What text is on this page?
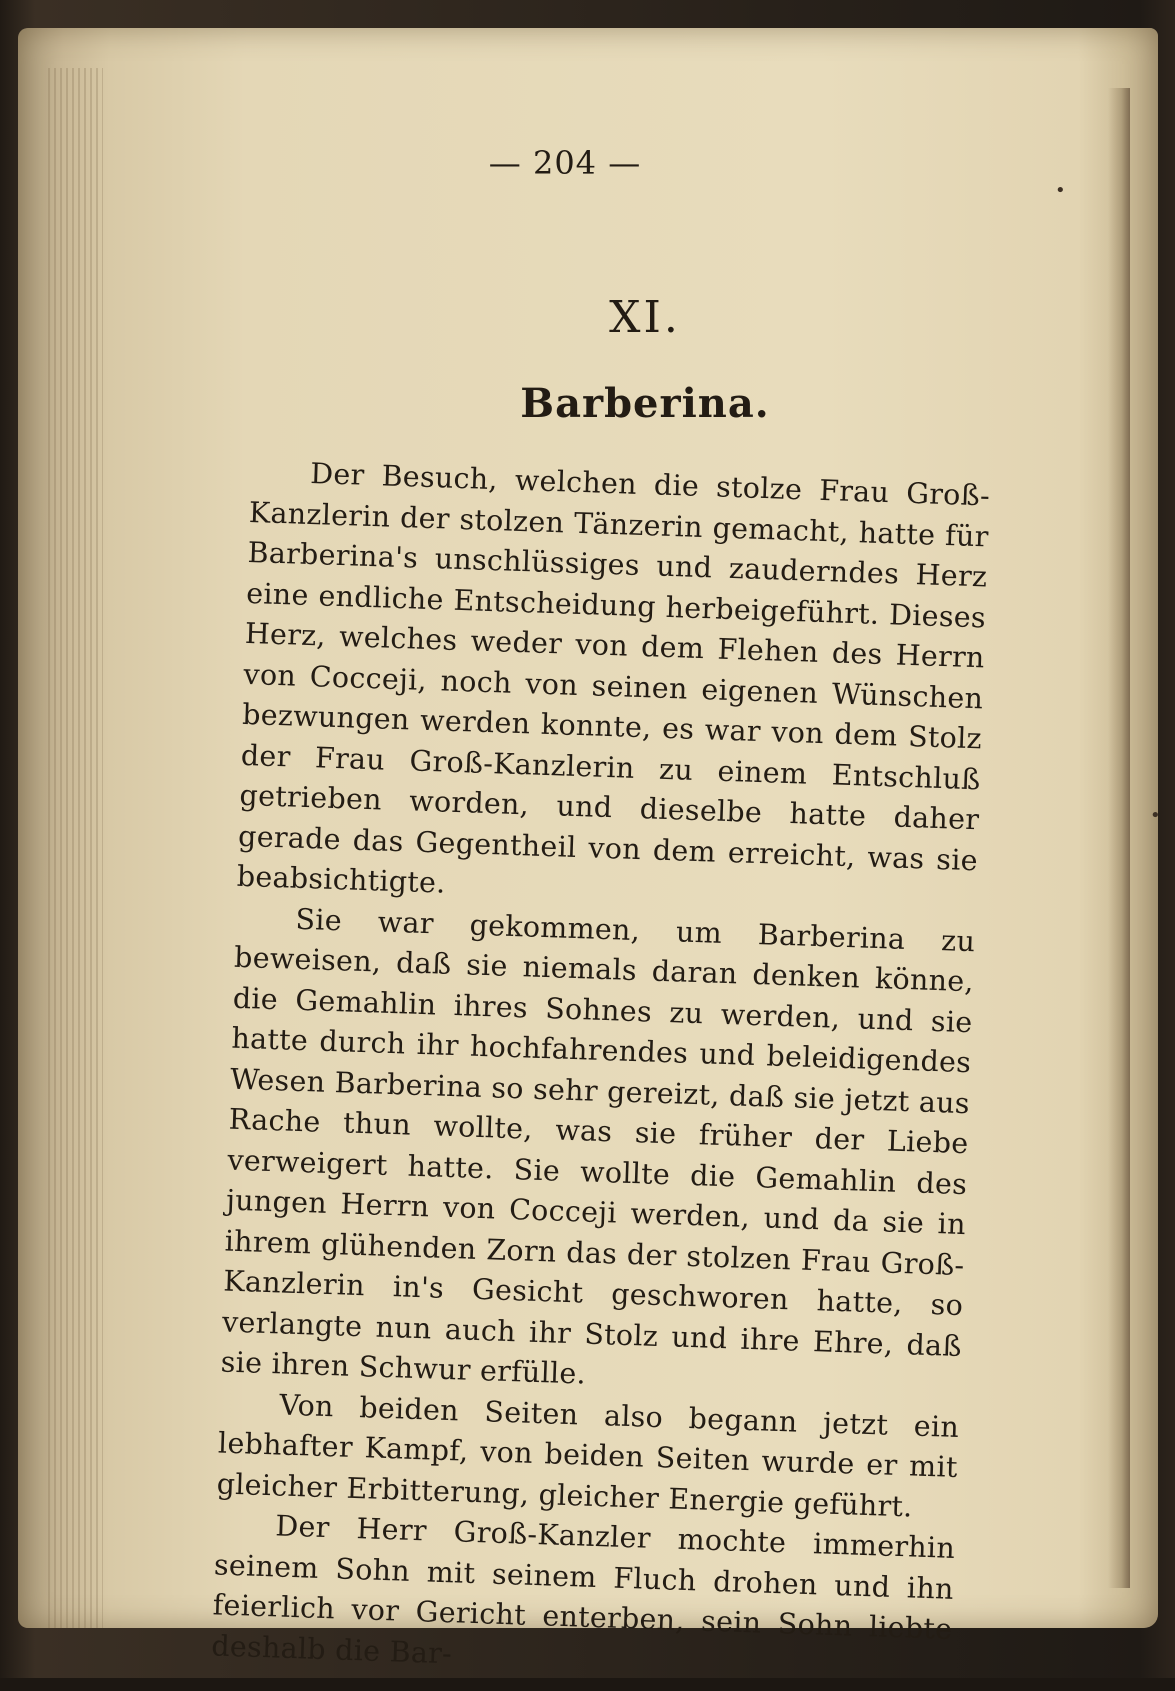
•
•
— 204 —
XI.
Barberina.

Der Besuch, welchen die stolze Frau Groß-Kanzlerin der stolzen Tänzerin gemacht, hatte für Barberina's unschlüssiges und zauderndes Herz eine endliche Entscheidung herbeigeführt. Dieses Herz, welches weder von dem Flehen des Herrn von Cocceji, noch von seinen eigenen Wünschen bezwungen werden konnte, es war von dem Stolz der Frau Groß-Kanzlerin zu einem Entschluß getrieben worden, und dieselbe hatte daher gerade das Gegentheil von dem erreicht, was sie beabsichtigte.

Sie war gekommen, um Barberina zu beweisen, daß sie niemals daran denken könne, die Gemahlin ihres Sohnes zu werden, und sie hatte durch ihr hochfahrendes und beleidigendes Wesen Barberina so sehr gereizt, daß sie jetzt aus Rache thun wollte, was sie früher der Liebe verweigert hatte. Sie wollte die Gemahlin des jungen Herrn von Cocceji werden, und da sie in ihrem glühenden Zorn das der stolzen Frau Groß-Kanzlerin in's Gesicht geschworen hatte, so verlangte nun auch ihr Stolz und ihre Ehre, daß sie ihren Schwur erfülle.

Von beiden Seiten also begann jetzt ein lebhafter Kampf, von beiden Seiten wurde er mit gleicher Erbitterung, gleicher Energie geführt.

Der Herr Groß-Kanzler mochte immerhin seinem Sohn mit seinem Fluch drohen und ihn feierlich vor Gericht enterben, sein Sohn liebte deshalb die Bar-
